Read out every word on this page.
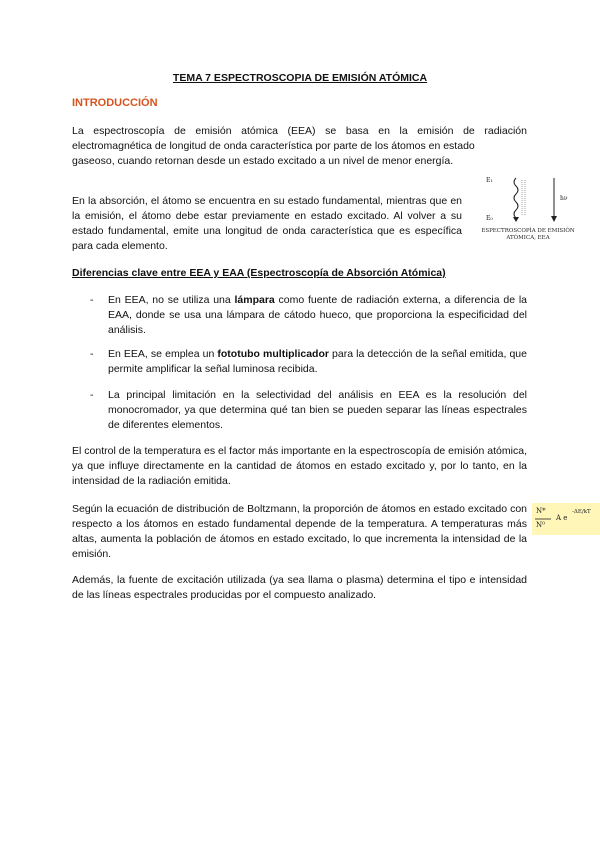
TEMA 7 ESPECTROSCOPIA DE EMISIÓN ATÓMICA
INTRODUCCIÓN
La espectroscopía de emisión atómica (EEA) se basa en la emisión de radiación electromagnética de longitud de onda característica por parte de los átomos en estado
gaseoso, cuando retornan desde un estado excitado a un nivel de menor energía.
En la absorción, el átomo se encuentra en su estado fundamental, mientras que en la emisión, el átomo debe estar previamente en estado excitado. Al volver a su estado fundamental, emite una longitud de onda característica que es específica para cada elemento.
E₁
E₀
hν
ESPECTROSCOPÍA DE EMISIÓN
ATÓMICA, EEA
Diferencias clave entre EEA y EAA (Espectroscopía de Absorción Atómica)
- En EEA, no se utiliza una lámpara como fuente de radiación externa, a diferencia de la EAA, donde se usa una lámpara de cátodo hueco, que proporciona la especificidad del análisis.
- En EEA, se emplea un fototubo multiplicador para la detección de la señal emitida, que permite amplificar la señal luminosa recibida.
- La principal limitación en la selectividad del análisis en EEA es la resolución del monocromador, ya que determina qué tan bien se pueden separar las líneas espectrales de diferentes elementos.
El control de la temperatura es el factor más importante en la espectroscopía de emisión atómica, ya que influye directamente en la cantidad de átomos en estado excitado y, por lo tanto, en la intensidad de la radiación emitida.
Según la ecuación de distribución de Boltzmann, la proporción de átomos en estado excitado con respecto a los átomos en estado fundamental depende de la temperatura. A temperaturas más altas, aumenta la población de átomos en estado excitado, lo que incrementa la intensidad de la emisión.
N*
N⁰
A e
-ΔE/kT
Además, la fuente de excitación utilizada (ya sea llama o plasma) determina el tipo e intensidad de las líneas espectrales producidas por el compuesto analizado.
